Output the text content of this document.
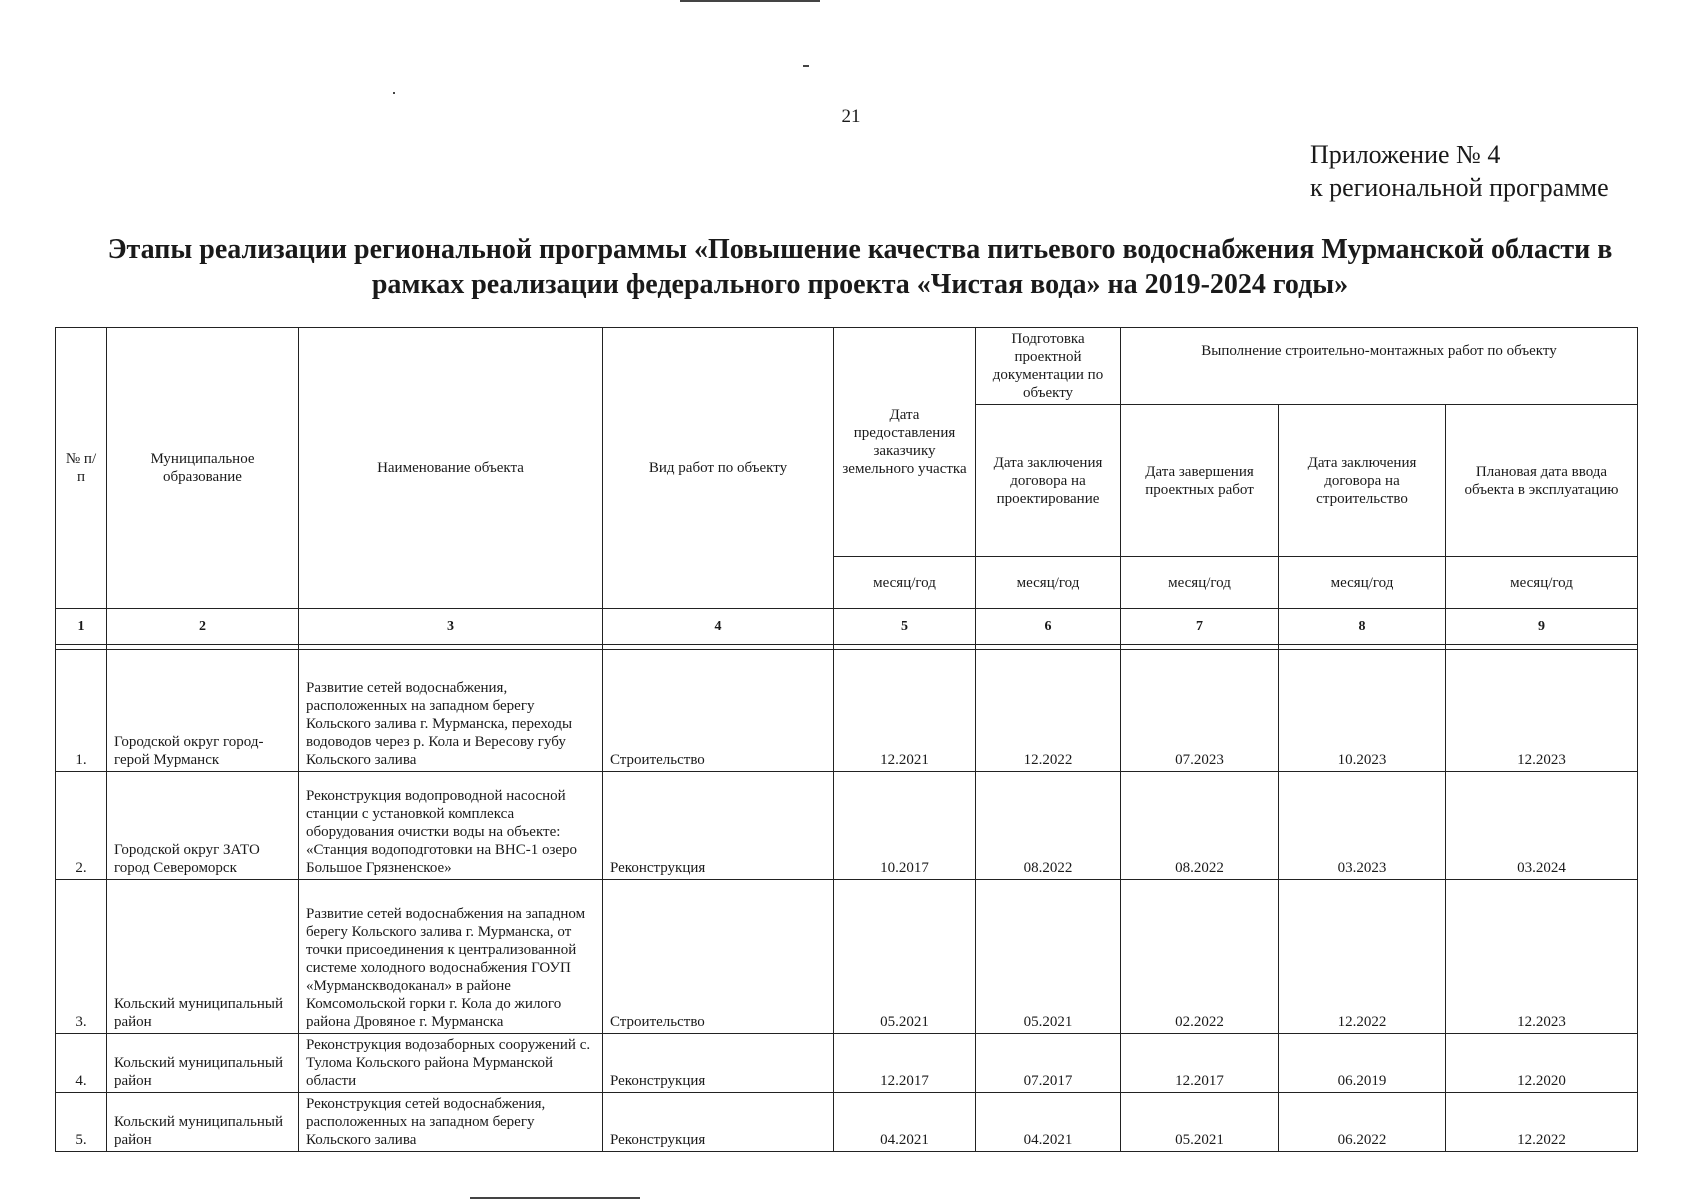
21
Приложение № 4
к региональной программе
Этапы реализации региональной программы «Повышение качества питьевого водоснабжения Мурманской области в
рамках реализации федерального проекта «Чистая вода» на 2019-2024 годы»
№ п/п	Муниципальное образование	Наименование объекта	Вид работ по объекту	Дата предоставления заказчику земельного участка	Подготовка проектной документации по объекту	Выполнение строительно-монтажных работ по объекту		
					Дата заключения договора на проектирование	Дата завершения проектных работ	Дата заключения договора на строительство	Плановая дата ввода объекта в эксплуатацию
				месяц/год	месяц/год	месяц/год	месяц/год	месяц/год
1	2	3	4	5	6	7	8	9

1.	Городской округ город-герой Мурманск	Развитие сетей водоснабжения, расположенных на западном берегу Кольского залива г. Мурманска, переходы водоводов через р. Кола и Вересову губу Кольского залива	Строительство	12.2021	12.2022	07.2023	10.2023	12.2023
2.	Городской округ ЗАТО город Североморск	Реконструкция водопроводной насосной станции с установкой комплекса оборудования очистки воды на объекте: «Станция водоподготовки на ВНС-1 озеро Большое Грязненское»	Реконструкция	10.2017	08.2022	08.2022	03.2023	03.2024
3.	Кольский муниципальный район	Развитие сетей водоснабжения на западном берегу Кольского залива г. Мурманска, от точки присоединения к централизованной системе холодного водоснабжения ГОУП «Мурманскводоканал» в районе Комсомольской горки г. Кола до жилого района Дровяное г. Мурманска	Строительство	05.2021	05.2021	02.2022	12.2022	12.2023
4.	Кольский муниципальный район	Реконструкция водозаборных сооружений с. Тулома Кольского района Мурманской области	Реконструкция	12.2017	07.2017	12.2017	06.2019	12.2020
5.	Кольский муниципальный район	Реконструкция сетей водоснабжения, расположенных на западном берегу Кольского залива	Реконструкция	04.2021	04.2021	05.2021	06.2022	12.2022
